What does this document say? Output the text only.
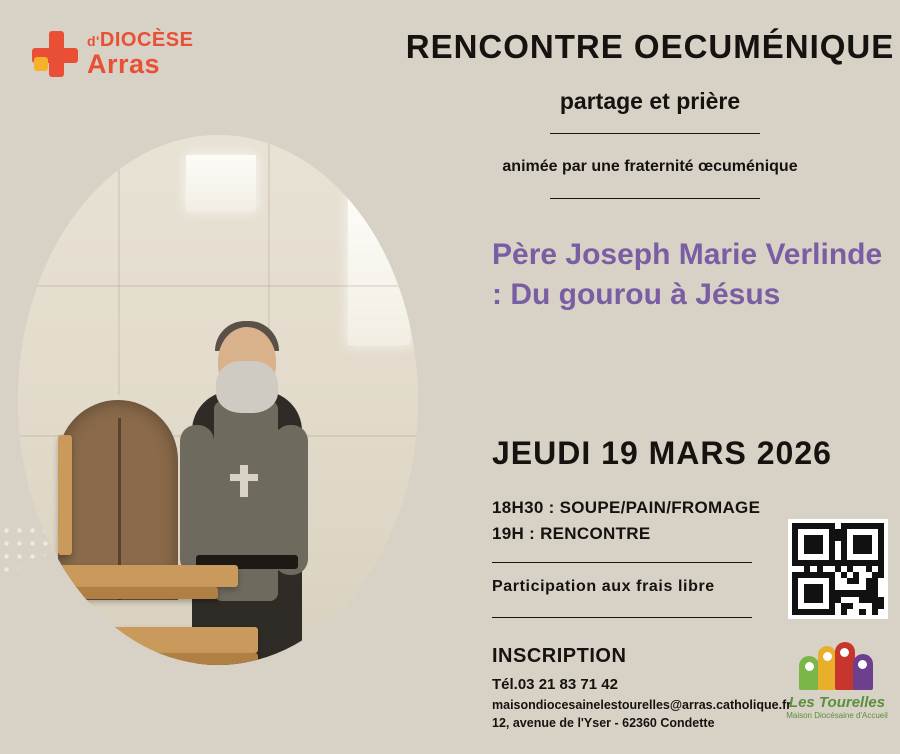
d'DIOCÈSE
Arras	RENCONTRE OECUMÉNIQUE
partage et prière
animée par une fraternité œcuménique
Père Joseph Marie Verlinde : Du gourou à Jésus
JEUDI 19 MARS 2026
18H30 : SOUPE/PAIN/FROMAGE
19H : RENCONTRE
Participation aux frais libre
INSCRIPTION
Tél.03 21 83 71 42
maisondiocesainelestourelles@arras.catholique.fr
12, avenue de l'Yser - 62360 Condette
Les Tourelles
Maison Diocésaine d'Accueil
